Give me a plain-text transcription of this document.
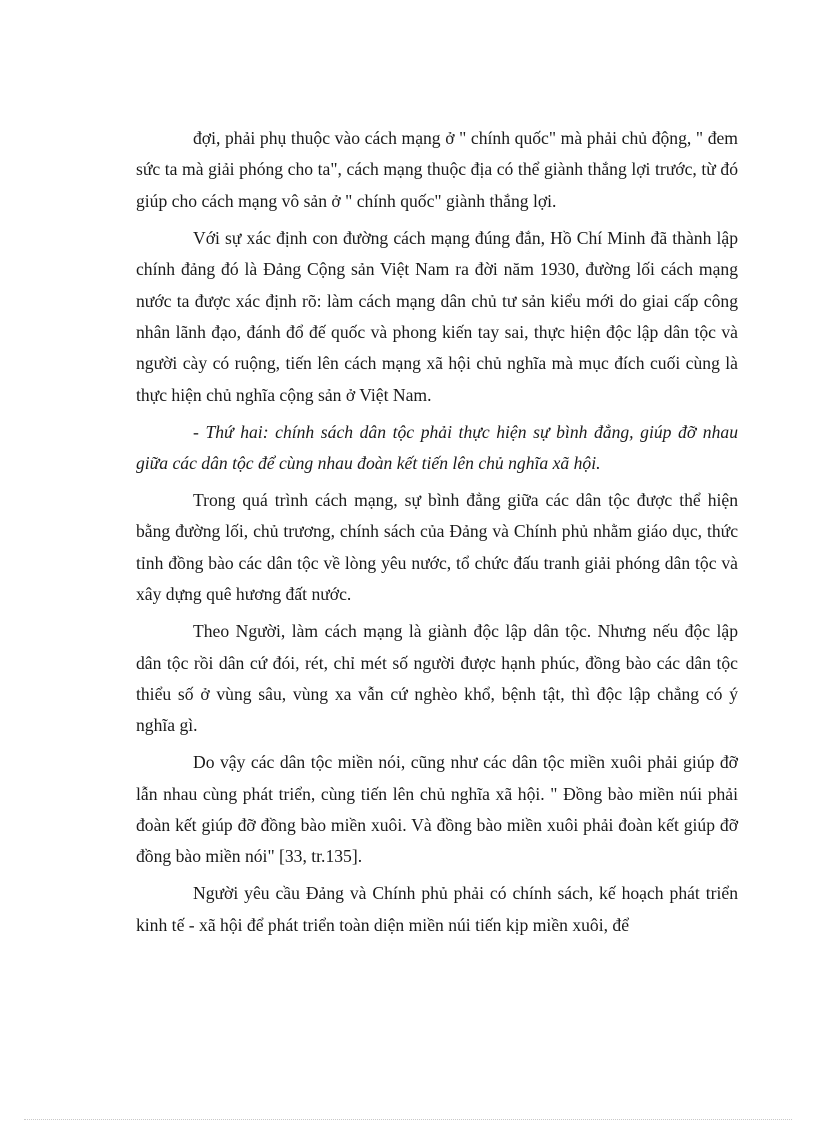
đợi, phải phụ thuộc vào cách mạng ở " chính quốc" mà phải chủ động, " đem sức ta mà giải phóng cho ta", cách mạng thuộc địa có thể giành thắng lợi trước, từ đó giúp cho cách mạng vô sản ở " chính quốc" giành thắng lợi.

Với sự xác định con đường cách mạng đúng đắn, Hồ Chí Minh đã thành lập chính đảng đó là Đảng Cộng sản Việt Nam ra đời năm 1930, đường lối cách mạng nước ta được xác định rõ: làm cách mạng dân chủ tư sản kiểu mới do giai cấp công nhân lãnh đạo, đánh đổ đế quốc và phong kiến tay sai, thực hiện độc lập dân tộc và người cày có ruộng, tiến lên cách mạng xã hội chủ nghĩa mà mục đích cuối cùng là thực hiện chủ nghĩa cộng sản ở Việt Nam.

- Thứ hai: chính sách dân tộc phải thực hiện sự bình đẳng, giúp đỡ nhau giữa các dân tộc để cùng nhau đoàn kết tiến lên chủ nghĩa xã hội.

Trong quá trình cách mạng, sự bình đẳng giữa các dân tộc được thể hiện bằng đường lối, chủ trương, chính sách của Đảng và Chính phủ nhằm giáo dục, thức tỉnh đồng bào các dân tộc về lòng yêu nước, tổ chức đấu tranh giải phóng dân tộc và xây dựng quê hương đất nước.

Theo Người, làm cách mạng là giành độc lập dân tộc. Nhưng nếu độc lập dân tộc rồi dân cứ đói, rét, chỉ mét số người được hạnh phúc, đồng bào các dân tộc thiểu số ở vùng sâu, vùng xa vẫn cứ nghèo khổ, bệnh tật, thì độc lập chẳng có ý nghĩa gì.

Do vậy các dân tộc miền nói, cũng như các dân tộc miền xuôi phải giúp đỡ lẫn nhau cùng phát triển, cùng tiến lên chủ nghĩa xã hội. " Đồng bào miền núi phải đoàn kết giúp đỡ đồng bào miền xuôi. Và đồng bào miền xuôi phải đoàn kết giúp đỡ đồng bào miền nói" [33, tr.135].

Người yêu cầu Đảng và Chính phủ phải có chính sách, kế hoạch phát triển kinh tế - xã hội để phát triển toàn diện miền núi tiến kịp miền xuôi, để
